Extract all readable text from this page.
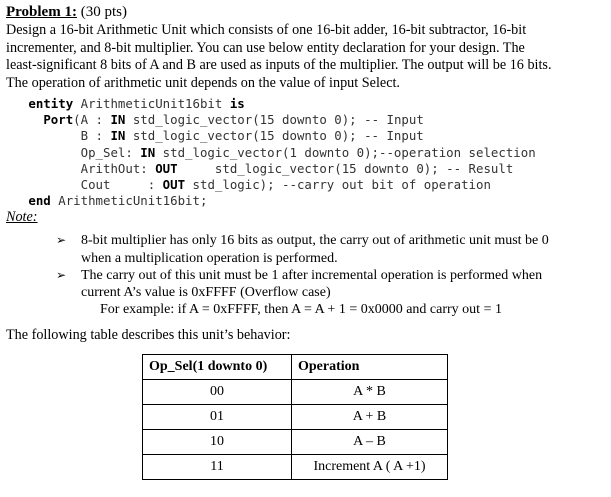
Problem 1: (30 pts)

Design a 16-bit Arithmetic Unit which consists of one 16-bit adder, 16-bit subtractor, 16-bit

incrementer, and 8-bit multiplier. You can use below entity declaration for your design. The

least-significant 8 bits of A and B are used as inputs of the multiplier. The output will be 16 bits.

The operation of arithmetic unit depends on the value of input Select.

entity ArithmeticUnit16bit is
Port(A : IN std_logic_vector(15 downto 0); -- Input
B : IN std_logic_vector(15 downto 0); -- Input
Op_Sel: IN std_logic_vector(1 downto 0);--operation selection
ArithOut: OUT     std_logic_vector(15 downto 0); -- Result
Cout     : OUT std_logic); --carry out bit of operation
end ArithmeticUnit16bit;

Note:

➢ 8-bit multiplier has only 16 bits as output, the carry out of arithmetic unit must be 0
when a multiplication operation is performed.
➢ The carry out of this unit must be 1 after incremental operation is performed when
current A’s value is 0xFFFF (Overflow case)

For example: if A = 0xFFFF, then A = A + 1 = 0x0000 and carry out = 1

The following table describes this unit’s behavior:

Op_Sel(1 downto 0)	Operation
00	A * B
01	A + B
10	A – B
11	Increment A ( A +1)
